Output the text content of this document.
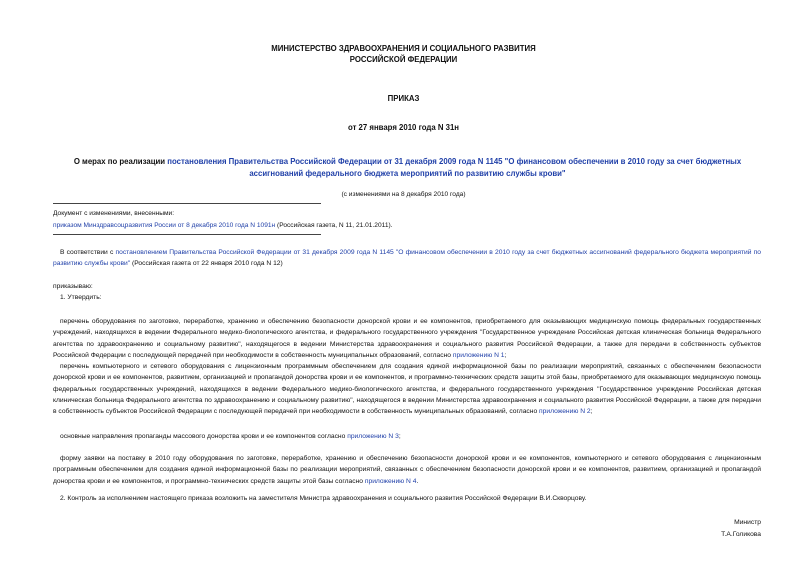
МИНИСТЕРСТВО ЗДРАВООХРАНЕНИЯ И СОЦИАЛЬНОГО РАЗВИТИЯ
РОССИЙСКОЙ ФЕДЕРАЦИИ
ПРИКАЗ
от 27 января 2010 года N 31н
О мерах по реализации постановления Правительства Российской Федерации от 31 декабря 2009 года N 1145 "О финансовом обеспечении в 2010 году за счет бюджетных ассигнований федерального бюджета мероприятий по развитию службы крови"
(с изменениями на 8 декабря 2010 года)
Документ с изменениями, внесенными:
приказом Минздравсоцразвития России от 8 декабря 2010 года N 1091н (Российская газета, N 11, 21.01.2011).
В соответствии с постановлением Правительства Российской Федерации от 31 декабря 2009 года N 1145 "О финансовом обеспечении в 2010 году за счет бюджетных ассигнований федерального бюджета мероприятий по развитию службы крови" (Российская газета от 22 января 2010 года N 12)
приказываю:
1. Утвердить:
перечень оборудования по заготовке, переработке, хранению и обеспечению безопасности донорской крови и ее компонентов, приобретаемого для оказывающих медицинскую помощь федеральных государственных учреждений, находящихся в ведении Федерального медико-биологического агентства, и федерального государственного учреждения "Государственное учреждение Российская детская клиническая больница Федерального агентства по здравоохранению и социальному развитию", находящегося в ведении Министерства здравоохранения и социального развития Российской Федерации, а также для передачи в собственность субъектов Российской Федерации с последующей передачей при необходимости в собственность муниципальных образований, согласно приложению N 1;
перечень компьютерного и сетевого оборудования с лицензионным программным обеспечением для создания единой информационной базы по реализации мероприятий, связанных с обеспечением безопасности донорской крови и ее компонентов, развитием, организацией и пропагандой донорства крови и ее компонентов, и программно-технических средств защиты этой базы, приобретаемого для оказывающих медицинскую помощь федеральных государственных учреждений, находящихся в ведении Федерального медико-биологического агентства, и федерального государственного учреждения "Государственное учреждение Российская детская клиническая больница Федерального агентства по здравоохранению и социальному развитию", находящегося в ведении Министерства здравоохранения и социального развития Российской Федерации, а также для передачи в собственность субъектов Российской Федерации с последующей передачей при необходимости в собственность муниципальных образований, согласно приложению N 2;
основные направления пропаганды массового донорства крови и ее компонентов согласно приложению N 3;
форму заявки на поставку в 2010 году оборудования по заготовке, переработке, хранению и обеспечению безопасности донорской крови и ее компонентов, компьютерного и сетевого оборудования с лицензионным программным обеспечением для создания единой информационной базы по реализации мероприятий, связанных с обеспечением безопасности донорской крови и ее компонентов, развитием, организацией и пропагандой донорства крови и ее компонентов, и программно-технических средств защиты этой базы согласно приложению N 4.
2. Контроль за исполнением настоящего приказа возложить на заместителя Министра здравоохранения и социального развития Российской Федерации В.И.Скворцову.
Министр
Т.А.Голикова
